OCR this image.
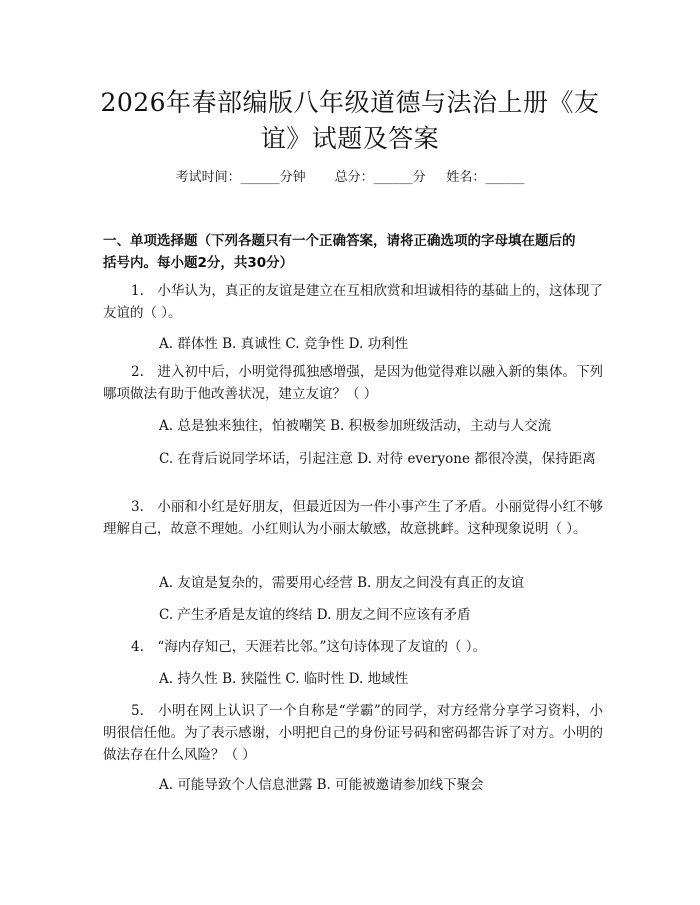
2026年春部编版八年级道德与法治上册《友
谊》试题及答案
考试时间：______分钟 总分：______分 姓名：______
一、单项选择题（下列各题只有一个正确答案，请将正确选项的字母填在题后的
括号内。每小题2分，共30分）
1.　小华认为，真正的友谊是建立在互相欣赏和坦诚相待的基础上的，这体现了友谊的（ ）。
A. 群体性 B. 真诚性 C. 竞争性 D. 功利性
2.　进入初中后，小明觉得孤独感增强，是因为他觉得难以融入新的集体。下列哪项做法有助于他改善状况，建立友谊？（ ）
A. 总是独来独往，怕被嘲笑 B. 积极参加班级活动，主动与人交流
C. 在背后说同学坏话，引起注意 D. 对待 everyone 都很冷漠，保持距离
3.　小丽和小红是好朋友，但最近因为一件小事产生了矛盾。小丽觉得小红不够理解自己，故意不理她。小红则认为小丽太敏感，故意挑衅。这种现象说明（ ）。
A. 友谊是复杂的，需要用心经营 B. 朋友之间没有真正的友谊
C. 产生矛盾是友谊的终结 D. 朋友之间不应该有矛盾
4.　“海内存知己，天涯若比邻。”这句诗体现了友谊的（ ）。
A. 持久性 B. 狭隘性 C. 临时性 D. 地域性
5.　小明在网上认识了一个自称是“学霸”的同学，对方经常分享学习资料，小明很信任他。为了表示感谢，小明把自己的身份证号码和密码都告诉了对方。小明的做法存在什么风险？（ ）
A. 可能导致个人信息泄露 B. 可能被邀请参加线下聚会
